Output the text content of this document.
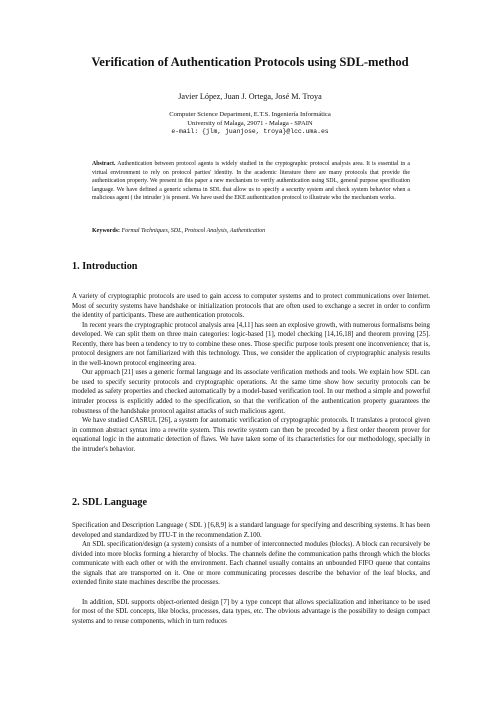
Verification of Authentication Protocols using SDL-method
Javier López, Juan J. Ortega, José M. Troya
Computer Science Department, E.T.S. Ingeniería Informática
University of Malaga, 29071 - Malaga - SPAIN
e-mail: {jlm, juanjose, troya}@lcc.uma.es
Abstract. Authentication between protocol agents is widely studied in the cryptographic protocol analysis area. It is essential in a virtual environment to rely on protocol parties' identity. In the academic literature there are many protocols that provide the authentication property. We present in this paper a new mechanism to verify authentication using SDL, general purpose specification language. We have defined a generic schema in SDL that allow us to specify a security system and check system behavior when a malicious agent ( the intruder ) is present. We have used the EKE authentication protocol to illustrate who the mechanism works.
Keywords: Formal Techniques, SDL, Protocol Analysis, Authentication
1. Introduction

A variety of cryptographic protocols are used to gain access to computer systems and to protect communications over Internet. Most of security systems have handshake or initialization protocols that are often used to exchange a secret in order to confirm the identity of participants. These are authentication protocols.

In recent years the cryptographic protocol analysis area [4,11] has seen an explosive growth, with numerous formalisms being developed. We can split them on three main categories: logic-based [1], model checking [14,16,18] and theorem proving [25]. Recently, there has been a tendency to try to combine these ones. Those specific purpose tools present one inconvenience; that is, protocol designers are not familiarized with this technology. Thus, we consider the application of cryptographic analysis results in the well-known protocol engineering area.

Our approach [21] uses a generic formal language and its associate verification methods and tools. We explain how SDL can be used to specify security protocols and cryptographic operations. At the same time show how security protocols can be modeled as safety properties and checked automatically by a model-based verification tool. In our method a simple and powerful intruder process is explicitly added to the specification, so that the verification of the authentication property guarantees the robustness of the handshake protocol against attacks of such malicious agent.

We have studied CASRUL [26], a system for automatic verification of cryptographic protocols. It translates a protocol given in common abstract syntax into a rewrite system. This rewrite system can then be preceded by a first order theorem prover for equational logic in the automatic detection of flaws. We have taken some of its characteristics for our methodology, specially in the intruder's behavior.

2. SDL Language

Specification and Description Language ( SDL ) [6,8,9] is a standard language for specifying and describing systems. It has been developed and standardized by ITU-T in the recommendation Z.100.

An SDL specification/design (a system) consists of a number of interconnected modules (blocks). A block can recursively be divided into more blocks forming a hierarchy of blocks. The channels define the communication paths through which the blocks communicate with each other or with the environment. Each channel usually contains an unbounded FIFO queue that contains the signals that are transported on it. One or more communicating processes describe the behavior of the leaf blocks, and extended finite state machines describe the processes.

In addition, SDL supports object-oriented design [7] by a type concept that allows specialization and inheritance to be used for most of the SDL concepts, like blocks, processes, data types, etc. The obvious advantage is the possibility to design compact systems and to reuse components, which in turn reduces
